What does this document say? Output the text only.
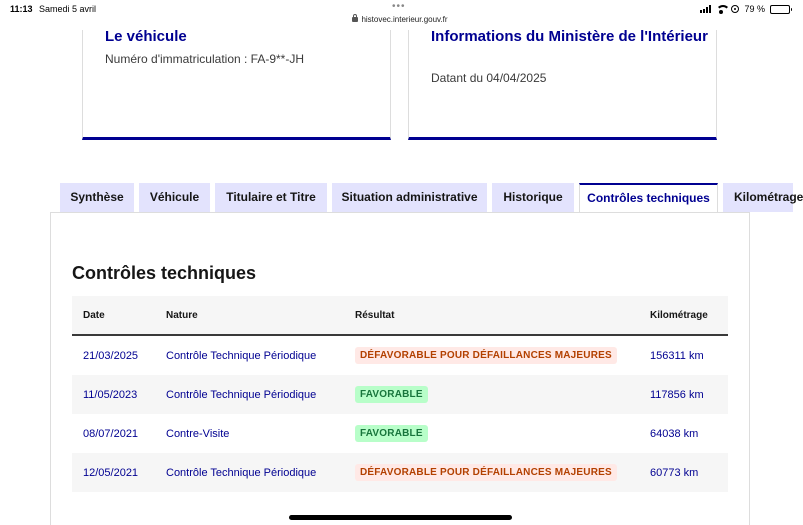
11:13 Samedi 5 avril	•••
histovec.interieur.gouv.fr
79 %
Le véhicule
Numéro d'immatriculation : FA-9**-JH
Informations du Ministère de l'Intérieur
Datant du 04/04/2025
Synthèse	Véhicule	Titulaire et Titre	Situation administrative	Historique	Contrôles techniques	Kilométrage
Contrôles techniques
Date	Nature	Résultat	Kilométrage
21/03/2025	Contrôle Technique Périodique	DÉFAVORABLE POUR DÉFAILLANCES MAJEURES	156311 km
11/05/2023	Contrôle Technique Périodique	FAVORABLE	117856 km
08/07/2021	Contre-Visite	FAVORABLE	64038 km
12/05/2021	Contrôle Technique Périodique	DÉFAVORABLE POUR DÉFAILLANCES MAJEURES	60773 km
